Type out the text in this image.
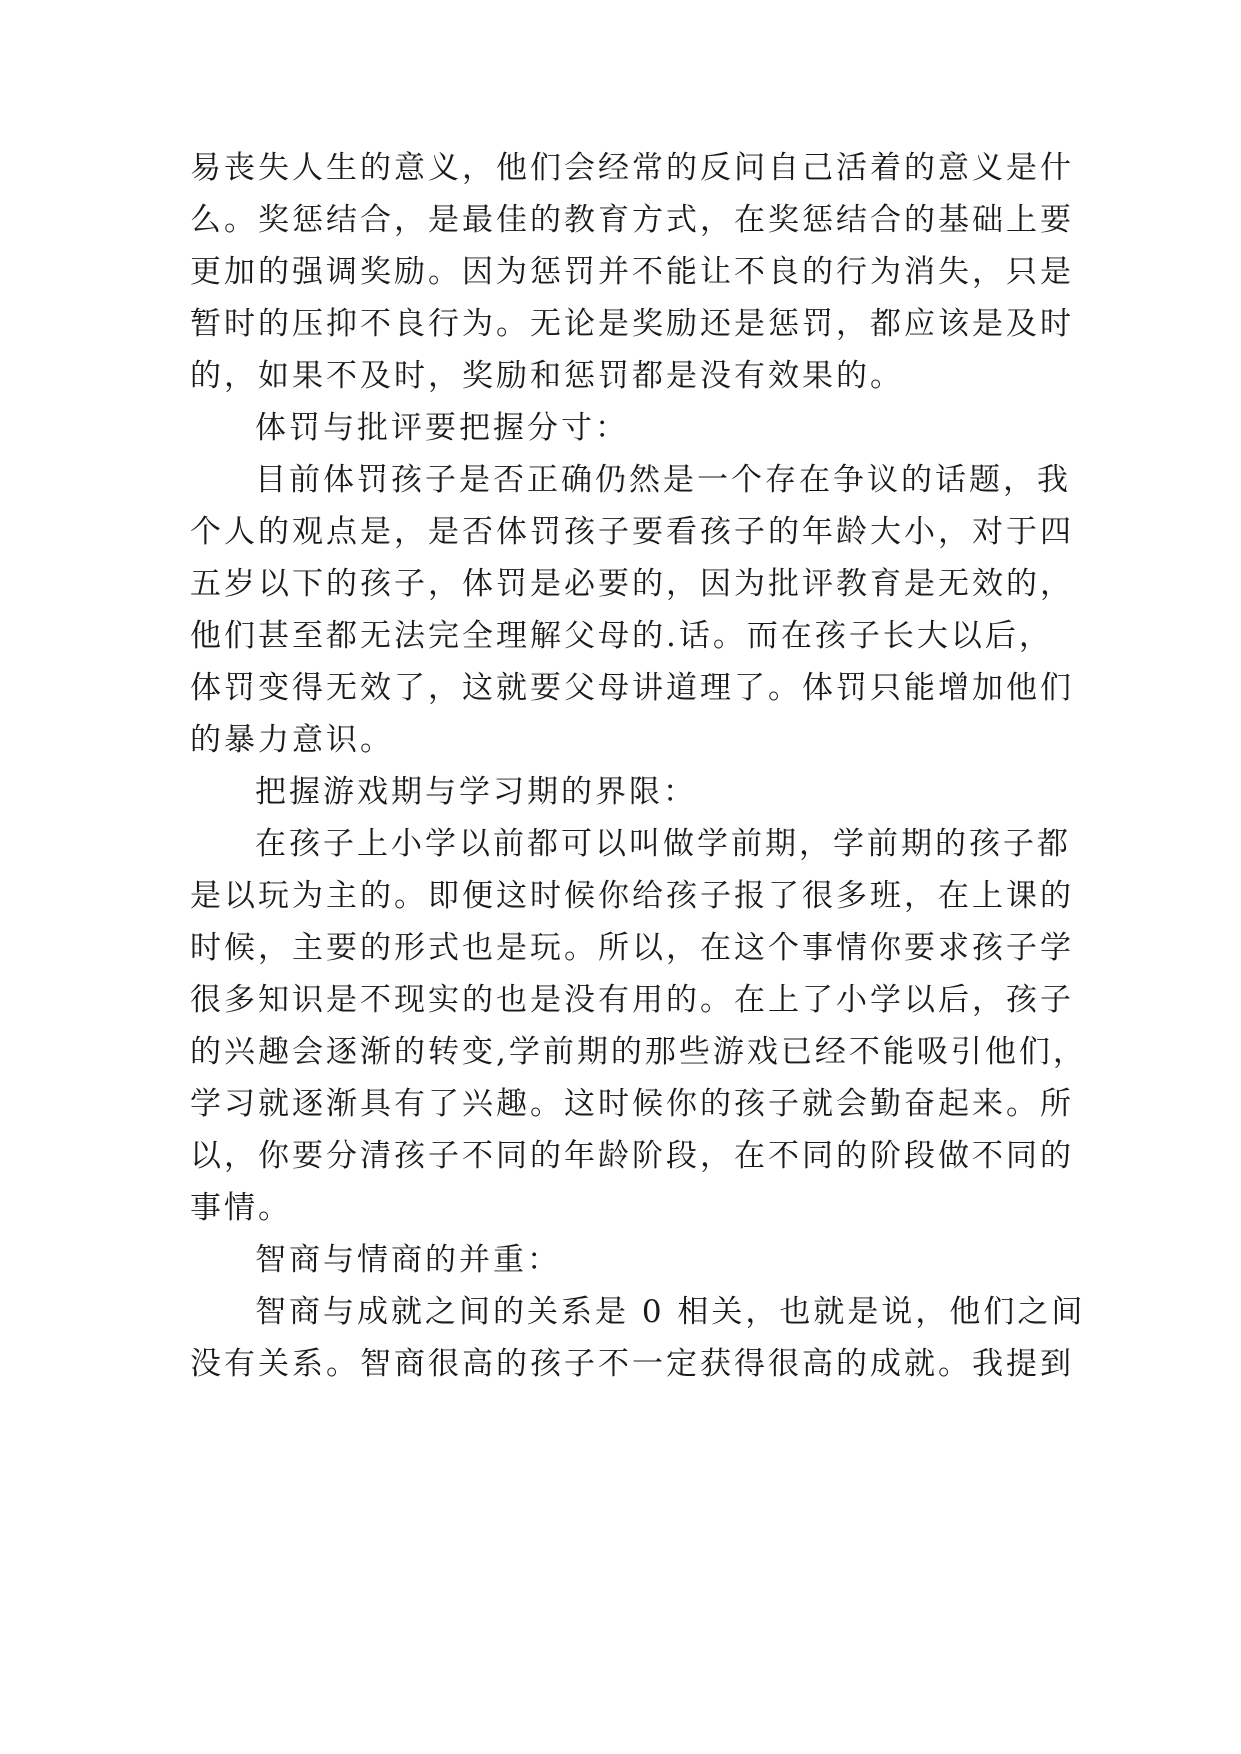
易丧失人生的意义，他们会经常的反问自己活着的意义是什
么。奖惩结合，是最佳的教育方式，在奖惩结合的基础上要
更加的强调奖励。因为惩罚并不能让不良的行为消失，只是
暂时的压抑不良行为。无论是奖励还是惩罚，都应该是及时
的，如果不及时，奖励和惩罚都是没有效果的。
体罚与批评要把握分寸：
目前体罚孩子是否正确仍然是一个存在争议的话题，我
个人的观点是，是否体罚孩子要看孩子的年龄大小，对于四
五岁以下的孩子，体罚是必要的，因为批评教育是无效的，
他们甚至都无法完全理解父母的.话。而在孩子长大以后，
体罚变得无效了，这就要父母讲道理了。体罚只能增加他们
的暴力意识。
把握游戏期与学习期的界限：
在孩子上小学以前都可以叫做学前期，学前期的孩子都
是以玩为主的。即便这时候你给孩子报了很多班，在上课的
时候，主要的形式也是玩。所以，在这个事情你要求孩子学
很多知识是不现实的也是没有用的。在上了小学以后，孩子
的兴趣会逐渐的转变,学前期的那些游戏已经不能吸引他们，
学习就逐渐具有了兴趣。这时候你的孩子就会勤奋起来。所
以，你要分清孩子不同的年龄阶段，在不同的阶段做不同的
事情。
智商与情商的并重：
智商与成就之间的关系是 0 相关，也就是说，他们之间
没有关系。智商很高的孩子不一定获得很高的成就。我提到
